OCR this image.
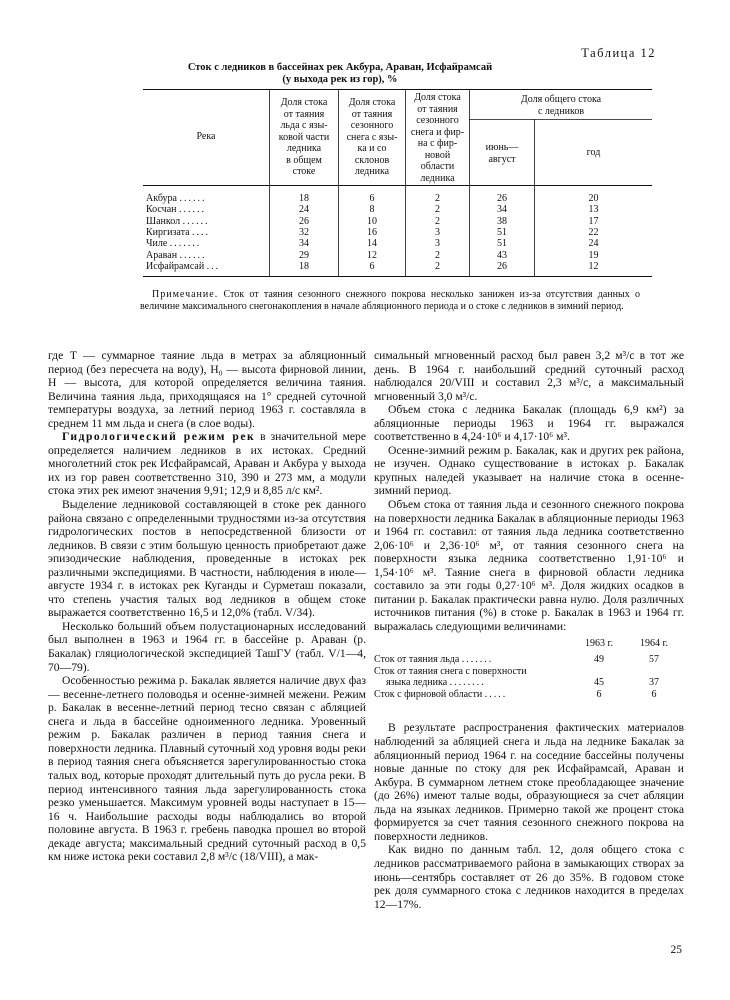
Таблица 12
Сток с ледников в бассейнах рек Акбура, Араван, Исфайрамсай
(у выхода рек из гор), %
Река
Доля стока
от таяния
льда с язы-
ковой части
ледника
в общем
стоке
Доля стока
от таяния
сезонного
снега с язы-
ка и со
склонов
ледника
Доля стока
от таяния
сезонного
снега и фир-
на с фир-
новой
области
ледника
Доля общего стока
с ледников
июнь—
август
год
Акбура ......	18	6	2	26	20
Косчан ......	24	8	2	34	13
Шанкол ......	26	10	2	38	17
Киргизата ....	32	16	3	51	22
Чиле .......	34	14	3	51	24
Араван ......	29	12	2	43	19
Исфайрамсай ...	18	6	2	26	12
Примечание. Сток от таяния сезонного снежного покрова несколько занижен из-за отсутствия данных о величине максимального снегонакопления в начале абляционного периода и о стоке с ледников в зимний период.

где T — суммарное таяние льда в метрах за абляционный период (без пересчета на воду), H₀ — высота фирновой линии, H — высота, для которой определяется величина таяния. Величина таяния льда, приходящаяся на 1° средней суточной температуры воздуха, за летний период 1963 г. составляла в среднем 11 мм льда и снега (в слое воды).

Гидрологический режим рек в значительной мере определяется наличием ледников в их истоках. Средний многолетний сток рек Исфайрамсай, Араван и Акбура у выхода их из гор равен соответственно 310, 390 и 273 мм, а модули стока этих рек имеют значения 9,91; 12,9 и 8,85 л/с км².

Выделение ледниковой составляющей в стоке рек данного района связано с определенными трудностями из-за отсутствия гидрологических постов в непосредственной близости от ледников. В связи с этим большую ценность приобретают даже эпизодические наблюдения, проведенные в истоках рек различными экспедициями. В частности, наблюдения в июле—августе 1934 г. в истоках рек Куганды и Сурметаш показали, что степень участия талых вод ледников в общем стоке выражается соответственно 16,5 и 12,0% (табл. V/34).

Несколько больший объем полустационарных исследований был выполнен в 1963 и 1964 гг. в бассейне р. Араван (р. Бакалак) гляциологической экспедицией ТашГУ (табл. V/1—4, 70—79).

Особенностью режима р. Бакалак является наличие двух фаз — весенне-летнего половодья и осенне-зимней межени. Режим р. Бакалак в весенне-летний период тесно связан с абляцией снега и льда в бассейне одноименного ледника. Уровенный режим р. Бакалак различен в период таяния снега и поверхности ледника. Плавный суточный ход уровня воды реки в период таяния снега объясняется зарегулированностью стока талых вод, которые проходят длительный путь до русла реки. В период интенсивного таяния льда зарегулированность стока резко уменьшается. Максимум уровней воды наступает в 15—16 ч. Наибольшие расходы воды наблюдались во второй половине августа. В 1963 г. гребень паводка прошел во второй декаде августа; максимальный средний суточный расход в 0,5 км ниже истока реки составил 2,8 м³/с (18/VIII), а мак-

симальный мгновенный расход был равен 3,2 м³/с в тот же день. В 1964 г. наибольший средний суточный расход наблюдался 20/VIII и составил 2,3 м³/с, а максимальный мгновенный 3,0 м³/с.

Объем стока с ледника Бакалак (площадь 6,9 км²) за абляционные периоды 1963 и 1964 гг. выражался соответственно в 4,24·10⁶ и 4,17·10⁶ м³.

Осенне-зимний режим р. Бакалак, как и других рек района, не изучен. Однако существование в истоках р. Бакалак крупных наледей указывает на наличие стока в осенне-зимний период.

Объем стока от таяния льда и сезонного снежного покрова на поверхности ледника Бакалак в абляционные периоды 1963 и 1964 гг. составил: от таяния льда ледника соответственно 2,06·10⁶ и 2,36·10⁶ м³, от таяния сезонного снега на поверхности языка ледника соответственно 1,91·10⁶ и 1,54·10⁶ м³. Таяние снега в фирновой области ледника составило за эти годы 0,27·10⁶ м³. Доля жидких осадков в питании р. Бакалак практически равна нулю. Доля различных источников питания (%) в стоке р. Бакалак в 1963 и 1964 гг. выражалась следующими величинами:

1963 г.	1964 г.
Сток от таяния льда .......	49	57
Сток от таяния снега с поверхности
языка ледника ........	45	37
Сток с фирновой области .....	6	6

В результате распространения фактических материалов наблюдений за абляцией снега и льда на леднике Бакалак за абляционный период 1964 г. на соседние бассейны получены новые данные по стоку для рек Исфайрамсай, Араван и Акбура. В суммарном летнем стоке преобладающее значение (до 26%) имеют талые воды, образующиеся за счет абляции льда на языках ледников. Примерно такой же процент стока формируется за счет таяния сезонного снежного покрова на поверхности ледников.

Как видно по данным табл. 12, доля общего стока с ледников рассматриваемого района в замыкающих створах за июнь—сентябрь составляет от 26 до 35%. В годовом стоке рек доля суммарного стока с ледников находится в пределах 12—17%.

25
